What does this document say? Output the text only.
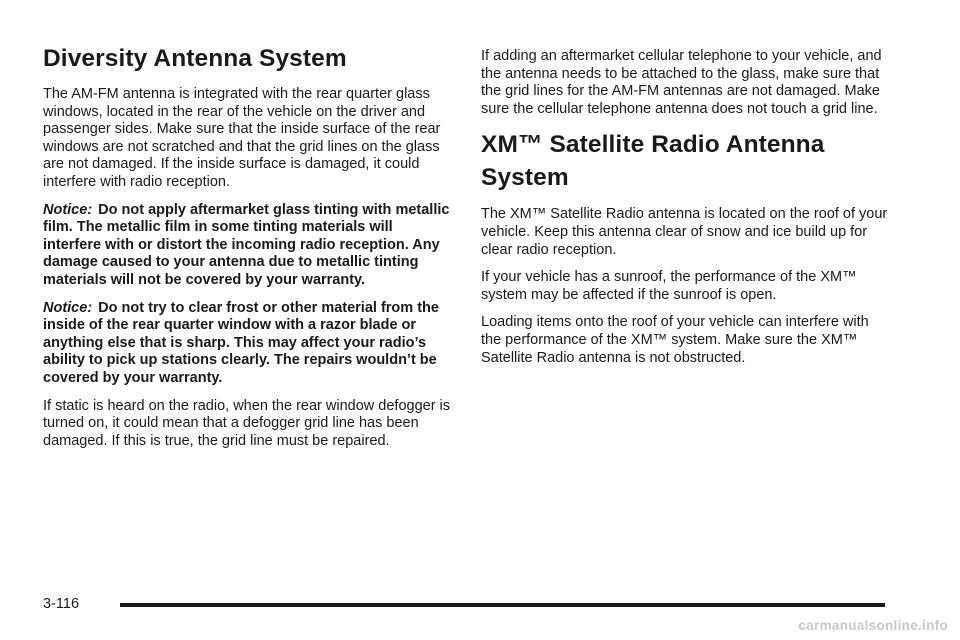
Diversity Antenna System

The AM-FM antenna is integrated with the rear quarter glass windows, located in the rear of the vehicle on the driver and passenger sides. Make sure that the inside surface of the rear windows are not scratched and that the grid lines on the glass are not damaged. If the inside surface is damaged, it could interfere with radio reception.

Notice: Do not apply aftermarket glass tinting with metallic film. The metallic film in some tinting materials will interfere with or distort the incoming radio reception. Any damage caused to your antenna due to metallic tinting materials will not be covered by your warranty.

Notice: Do not try to clear frost or other material from the inside of the rear quarter window with a razor blade or anything else that is sharp. This may affect your radio’s ability to pick up stations clearly. The repairs wouldn’t be covered by your warranty.

If static is heard on the radio, when the rear window defogger is turned on, it could mean that a defogger grid line has been damaged. If this is true, the grid line must be repaired.

If adding an aftermarket cellular telephone to your vehicle, and the antenna needs to be attached to the glass, make sure that the grid lines for the AM-FM antennas are not damaged. Make sure the cellular telephone antenna does not touch a grid line.

XM™ Satellite Radio Antenna System

The XM™ Satellite Radio antenna is located on the roof of your vehicle. Keep this antenna clear of snow and ice build up for clear radio reception.

If your vehicle has a sunroof, the performance of the XM™ system may be affected if the sunroof is open.

Loading items onto the roof of your vehicle can interfere with the performance of the XM™ system. Make sure the XM™ Satellite Radio antenna is not obstructed.

3-116
carmanualsonline.info
